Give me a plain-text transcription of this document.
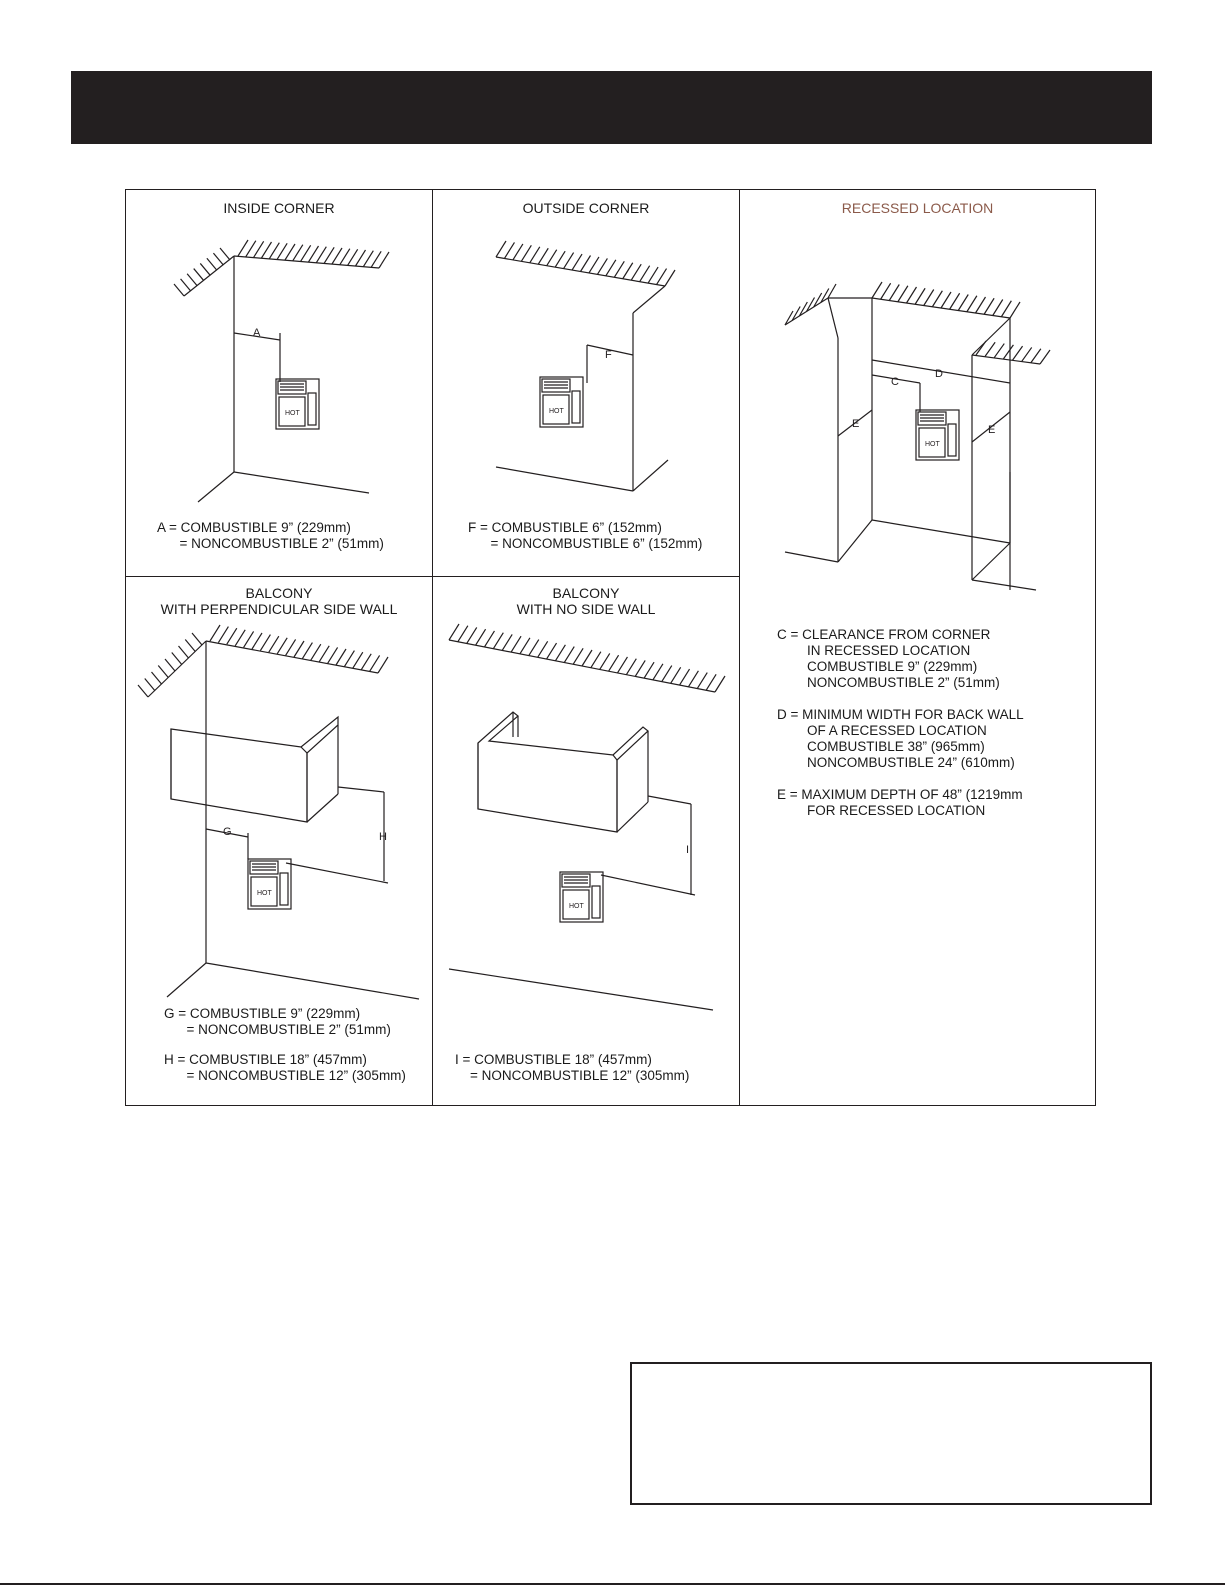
INSIDE CORNER
A
HOT
A = COMBUSTIBLE 9” (229mm)
= NONCOMBUSTIBLE 2” (51mm)
OUTSIDE CORNER
F
HOT
F = COMBUSTIBLE 6” (152mm)
= NONCOMBUSTIBLE 6” (152mm)
RECESSED LOCATION
C
D
E	E
HOT
C = CLEARANCE FROM CORNER
IN RECESSED LOCATION
COMBUSTIBLE 9” (229mm)
NONCOMBUSTIBLE 2” (51mm)
D = MINIMUM WIDTH FOR BACK WALL
OF A RECESSED LOCATION
COMBUSTIBLE 38” (965mm)
NONCOMBUSTIBLE 24” (610mm)
E = MAXIMUM DEPTH OF 48” (1219mm
FOR RECESSED LOCATION
BALCONY
WITH PERPENDICULAR SIDE WALL
H
G
HOT
G = COMBUSTIBLE 9” (229mm)
= NONCOMBUSTIBLE 2” (51mm)
H = COMBUSTIBLE 18” (457mm)
= NONCOMBUSTIBLE 12” (305mm)
BALCONY
WITH NO SIDE WALL
I
HOT
I = COMBUSTIBLE 18” (457mm)
= NONCOMBUSTIBLE 12” (305mm)
